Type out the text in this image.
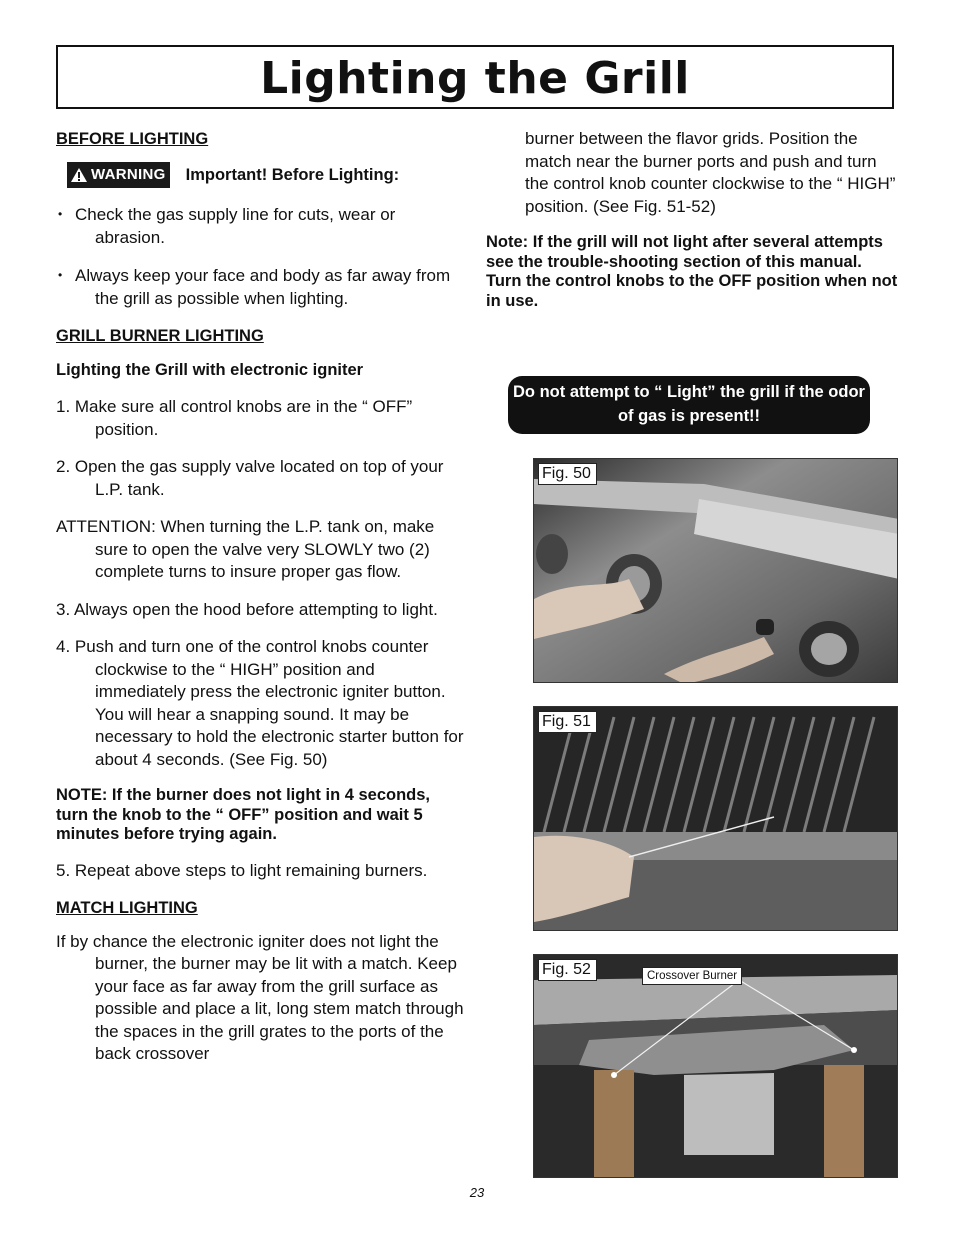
Lighting the Grill
BEFORE LIGHTING
WARNING Important! Before Lighting:
• Check the gas supply line for cuts, wear or abrasion.
• Always keep your face and body as far away from the grill as possible when lighting.
GRILL BURNER LIGHTING
Lighting the Grill with electronic igniter
1. Make sure all control knobs are in the “ OFF” position.
2. Open the gas supply valve located on top of your L.P. tank.
ATTENTION: When turning the L.P. tank on, make sure to open the valve very SLOWLY two (2) complete turns to insure proper gas flow.
3. Always open the hood before attempting to light.
4. Push and turn one of the control knobs counter clockwise to the “ HIGH” position and immediately press the electronic igniter button. You will hear a snapping sound. It may be necessary to hold the electronic starter button for about 4 seconds. (See Fig. 50)
NOTE: If the burner does not light in 4 seconds, turn the knob to the “ OFF” position and wait 5 minutes before trying again.
5. Repeat above steps to light remaining burners.
MATCH LIGHTING
If by chance the electronic igniter does not light the burner, the burner may be lit with a match. Keep your face as far away from the grill surface as possible and place a lit, long stem match through the spaces in the grill grates to the ports of the back crossover
burner between the flavor grids. Position the match near the burner ports and push and turn the control knob counter clockwise to the “ HIGH” position. (See Fig. 51-52)
Note: If the grill will not light after several attempts see the trouble-shooting section of this manual. Turn the control knobs to the OFF position when not in use.
Do not attempt to “ Light” the grill if the odor of gas is present!!
Fig. 50
Fig. 51
Fig. 52	Crossover Burner
23
